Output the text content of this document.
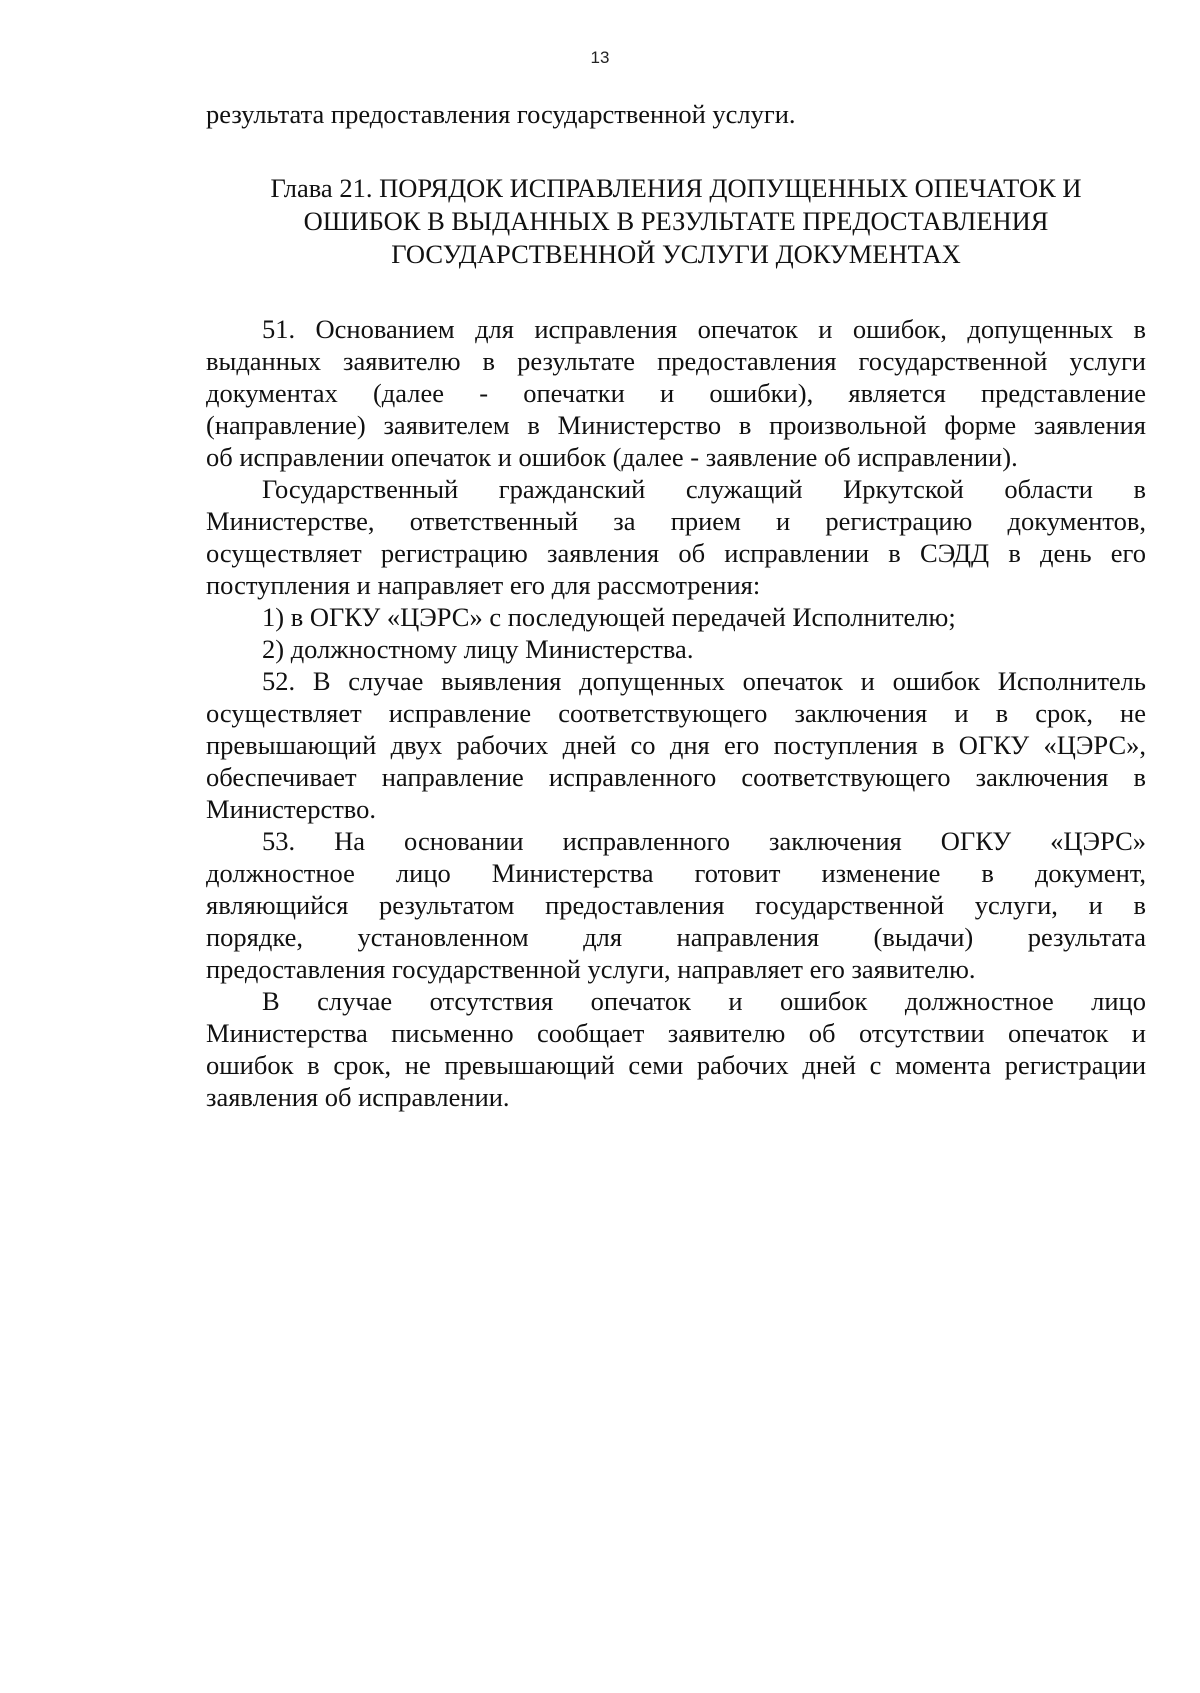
13
результата предоставления государственной услуги.
Глава 21. ПОРЯДОК ИСПРАВЛЕНИЯ ДОПУЩЕННЫХ ОПЕЧАТОК И
ОШИБОК В ВЫДАННЫХ В РЕЗУЛЬТАТЕ ПРЕДОСТАВЛЕНИЯ
ГОСУДАРСТВЕННОЙ УСЛУГИ ДОКУМЕНТАХ
51. Основанием для исправления опечаток и ошибок, допущенных в
выданных заявителю в результате предоставления государственной услуги
документах (далее - опечатки и ошибки), является представление
(направление) заявителем в Министерство в произвольной форме заявления
об исправлении опечаток и ошибок (далее - заявление об исправлении).
Государственный гражданский служащий Иркутской области в
Министерстве, ответственный за прием и регистрацию документов,
осуществляет регистрацию заявления об исправлении в СЭДД в день его
поступления и направляет его для рассмотрения:
1) в ОГКУ «ЦЭРС» с последующей передачей Исполнителю;
2) должностному лицу Министерства.
52. В случае выявления допущенных опечаток и ошибок Исполнитель
осуществляет исправление соответствующего заключения и в срок, не
превышающий двух рабочих дней со дня его поступления в ОГКУ «ЦЭРС»,
обеспечивает направление исправленного соответствующего заключения в
Министерство.
53. На основании исправленного заключения ОГКУ «ЦЭРС»
должностное лицо Министерства готовит изменение в документ,
являющийся результатом предоставления государственной услуги, и в
порядке, установленном для направления (выдачи) результата
предоставления государственной услуги, направляет его заявителю.
В случае отсутствия опечаток и ошибок должностное лицо
Министерства письменно сообщает заявителю об отсутствии опечаток и
ошибок в срок, не превышающий семи рабочих дней с момента регистрации
заявления об исправлении.
